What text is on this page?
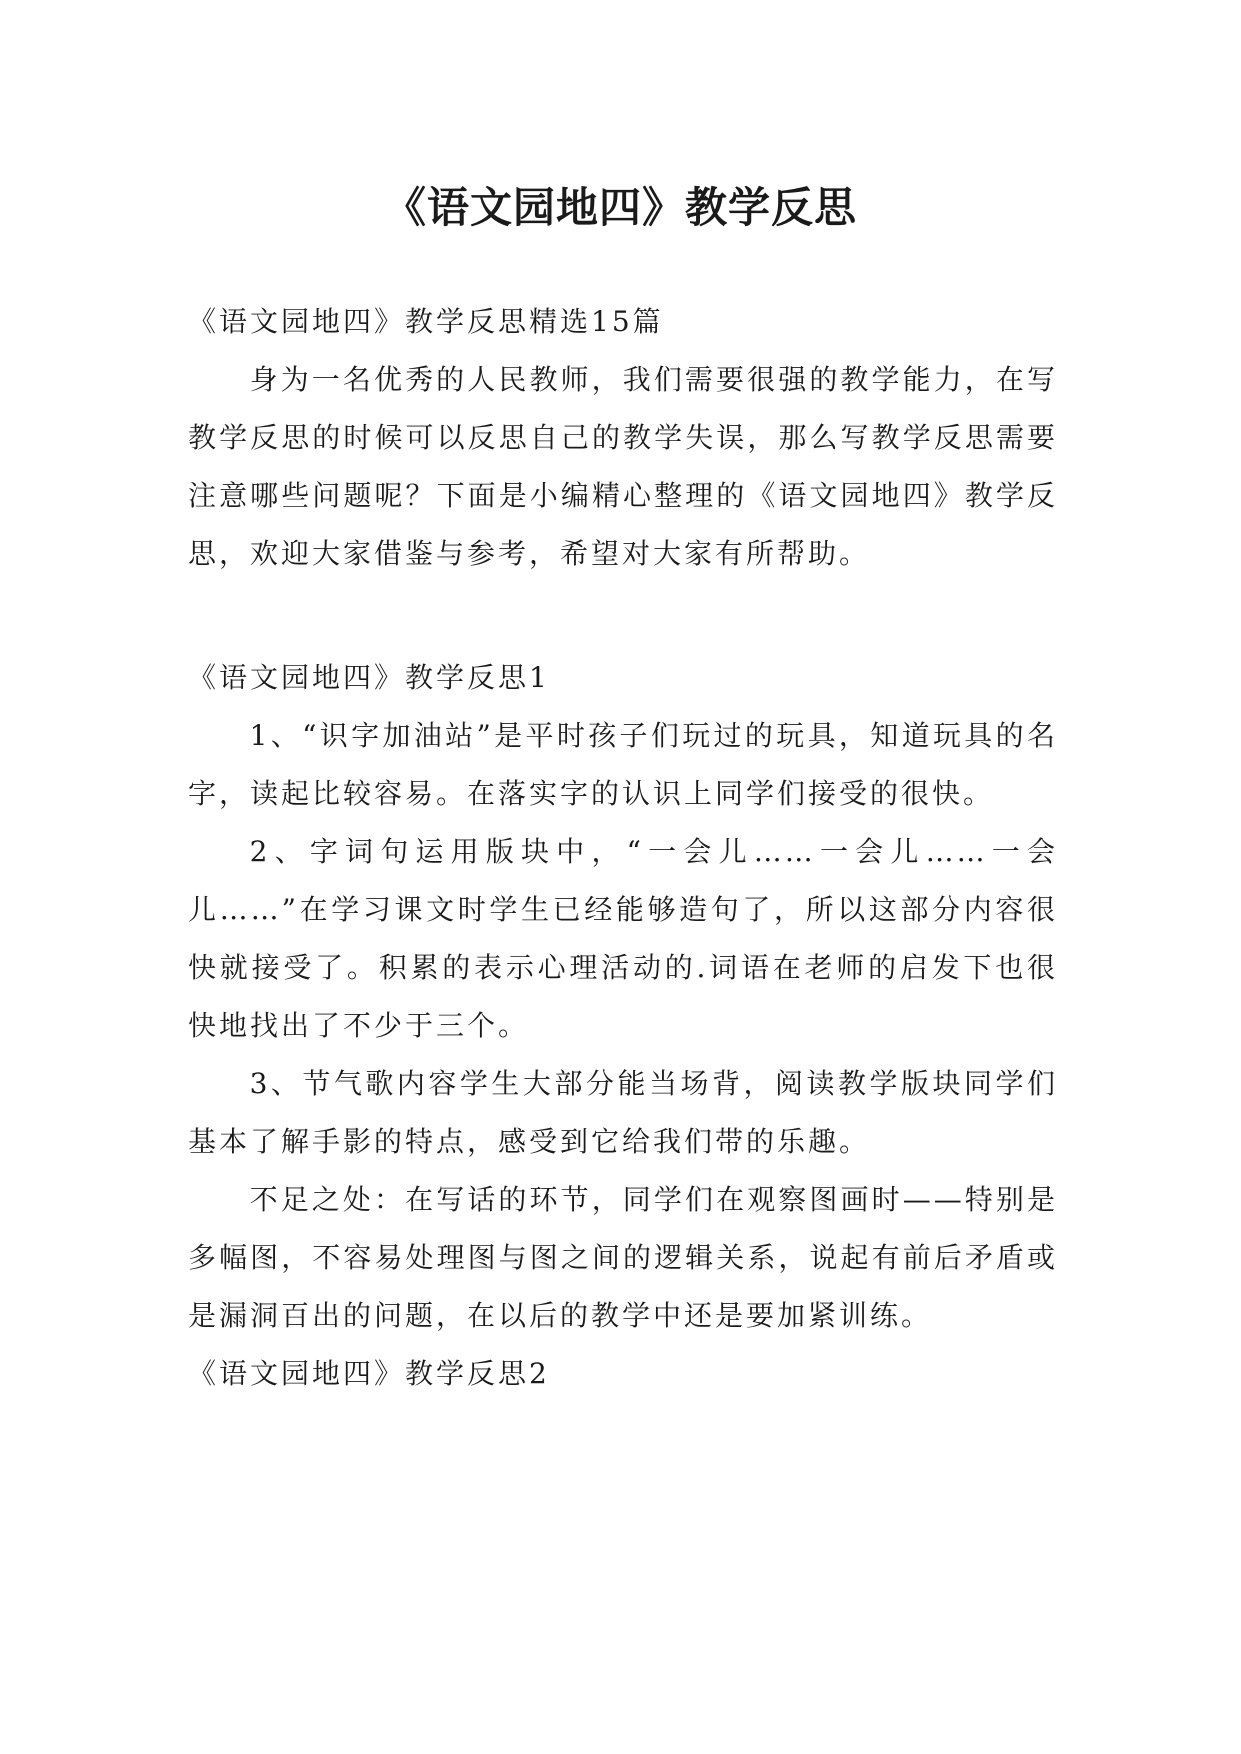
《语文园地四》教学反思

《语文园地四》教学反思精选15篇

身为一名优秀的人民教师，我们需要很强的教学能力，在写教学反思的时候可以反思自己的教学失误，那么写教学反思需要注意哪些问题呢？下面是小编精心整理的《语文园地四》教学反思，欢迎大家借鉴与参考，希望对大家有所帮助。

《语文园地四》教学反思1

1、“识字加油站”是平时孩子们玩过的玩具，知道玩具的名字，读起比较容易。在落实字的认识上同学们接受的很快。

2、字词句运用版块中，“一会儿……一会儿……一会儿……”在学习课文时学生已经能够造句了，所以这部分内容很快就接受了。积累的表示心理活动的.词语在老师的启发下也很快地找出了不少于三个。

3、节气歌内容学生大部分能当场背，阅读教学版块同学们基本了解手影的特点，感受到它给我们带的乐趣。

不足之处：在写话的环节，同学们在观察图画时——特别是多幅图，不容易处理图与图之间的逻辑关系，说起有前后矛盾或是漏洞百出的问题，在以后的教学中还是要加紧训练。

《语文园地四》教学反思2
